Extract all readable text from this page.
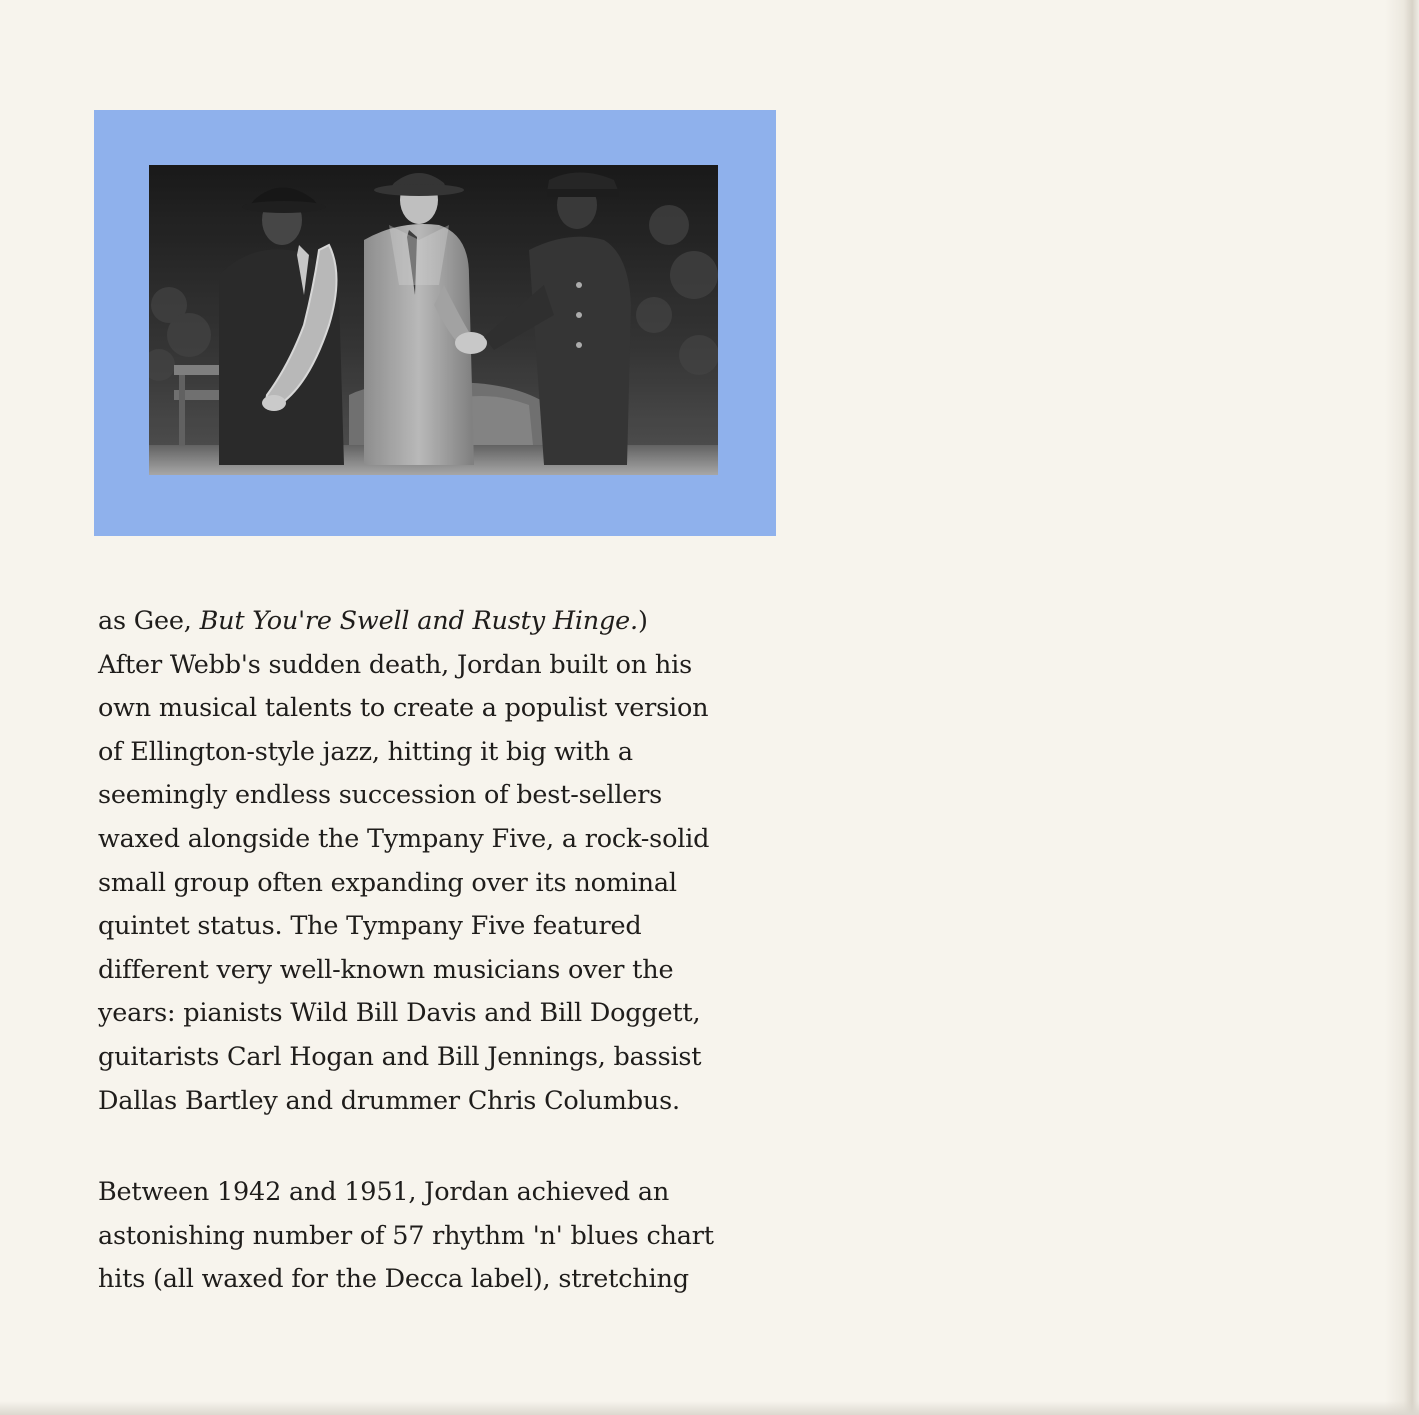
as Gee, But You're Swell and Rusty Hinge.)
After Webb's sudden death, Jordan built on his
own musical talents to create a populist version
of Ellington-style jazz, hitting it big with a
seemingly endless succession of best-sellers
waxed alongside the Tympany Five, a rock-solid
small group often expanding over its nominal
quintet status. The Tympany Five featured
different very well-known musicians over the
years: pianists Wild Bill Davis and Bill Doggett,
guitarists Carl Hogan and Bill Jennings, bassist
Dallas Bartley and drummer Chris Columbus.

Between 1942 and 1951, Jordan achieved an
astonishing number of 57 rhythm 'n' blues chart
hits (all waxed for the Decca label), stretching
